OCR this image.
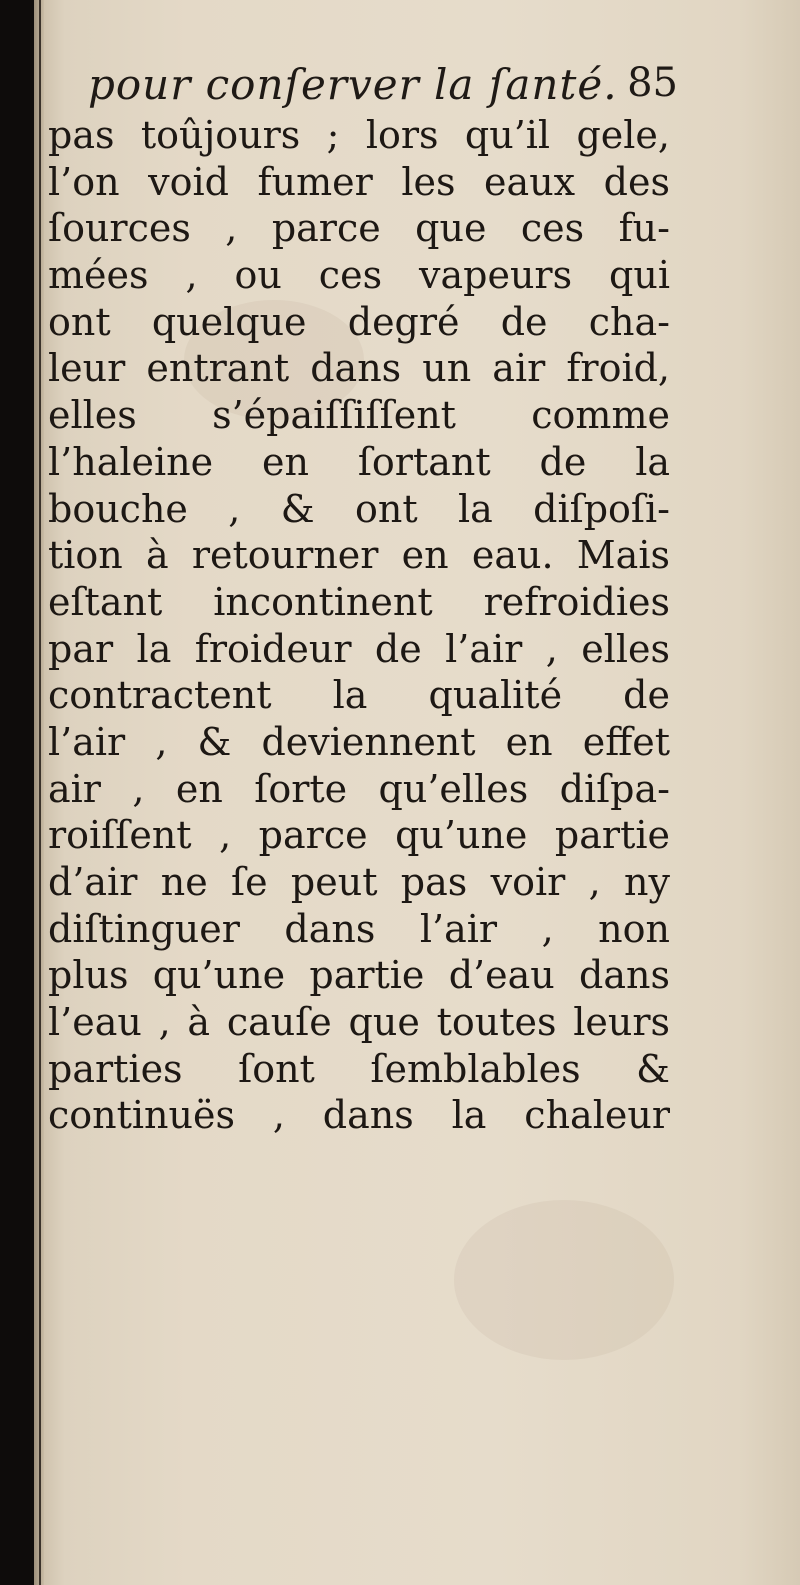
pour conſerver la ſanté. 85
pas toûjours ; lors qu’il gele,
l’on void fumer les eaux des
ſources , parce que ces fu-
mées , ou ces vapeurs qui
ont quelque degré de cha-
leur entrant dans un air froid,
elles s’épaiſſiſſent comme
l’haleine en ſortant de la
bouche , & ont la diſpoſi-
tion à retourner en eau. Mais
eſtant incontinent refroidies
par la froideur de l’air , elles
contractent la qualité de
l’air , & deviennent en effet
air , en ſorte qu’elles diſpa-
roiſſent , parce qu’une partie
d’air ne ſe peut pas voir , ny
diſtinguer dans l’air , non
plus qu’une partie d’eau dans
l’eau , à cauſe que toutes leurs
parties ſont ſemblables &
continuës , dans la chaleur
